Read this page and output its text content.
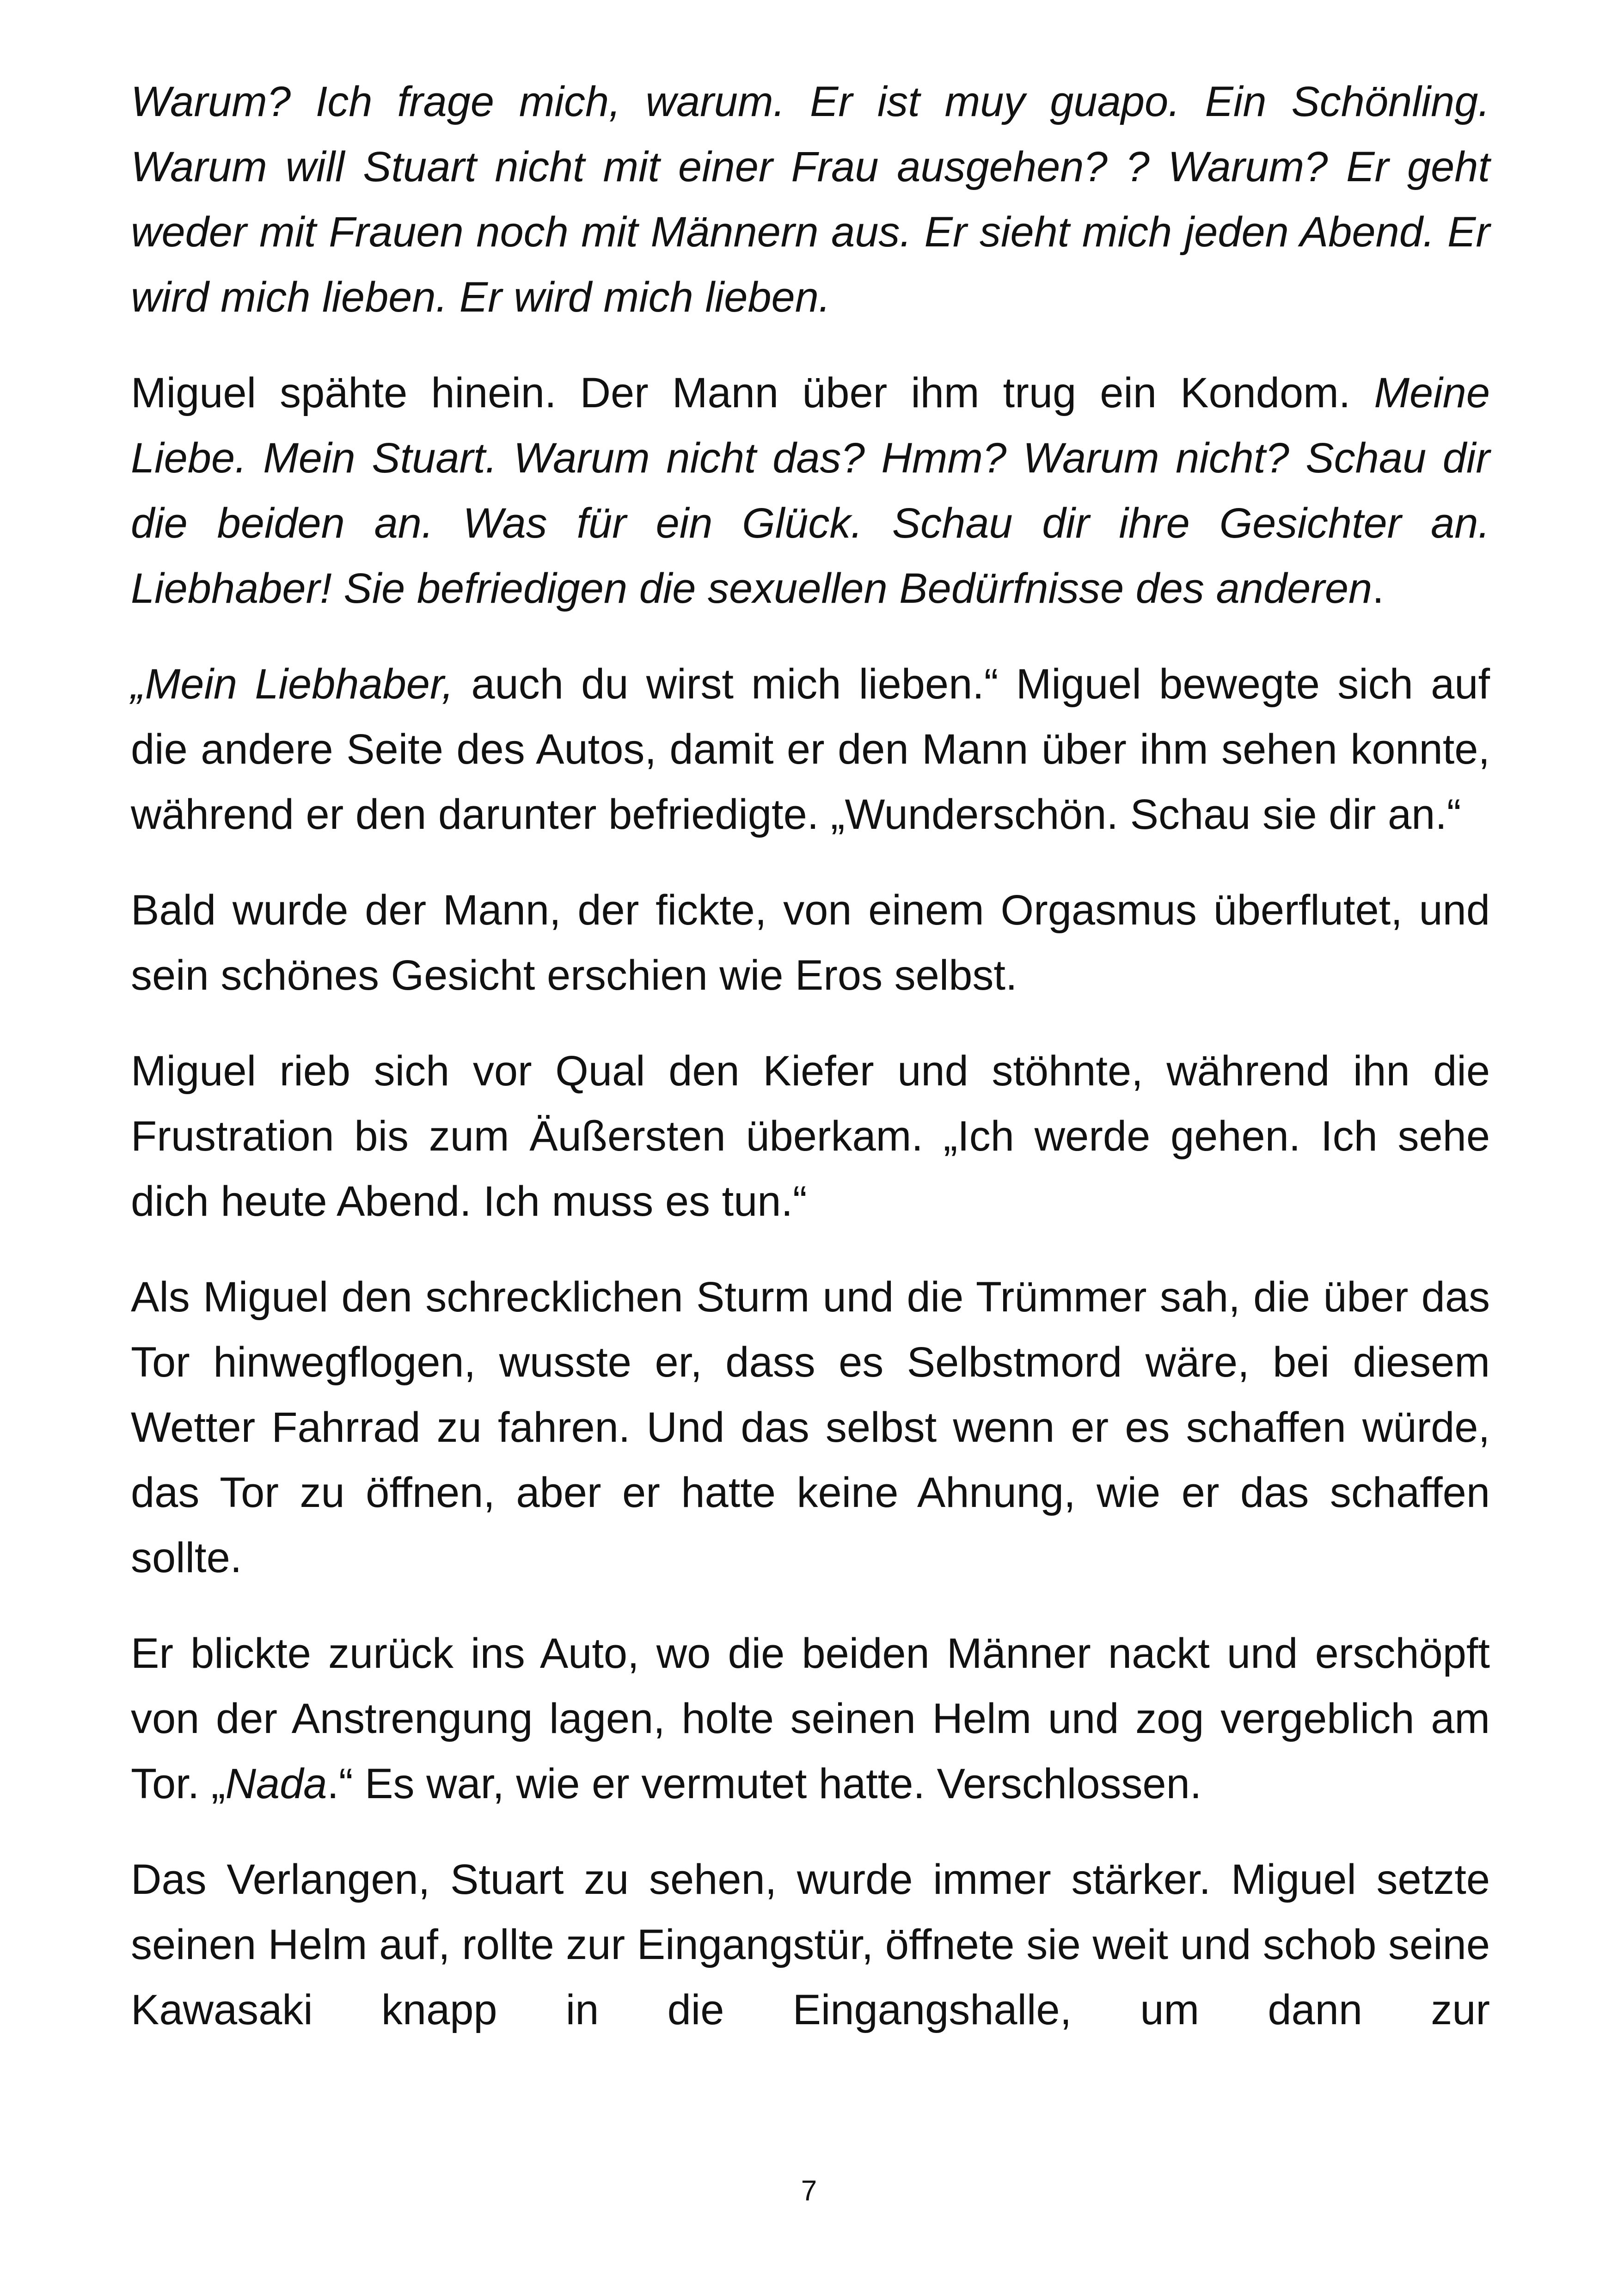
Warum? Ich frage mich, warum. Er ist muy guapo. Ein Schönling. Warum will Stuart nicht mit einer Frau ausgehen? ? Warum? Er geht weder mit Frauen noch mit Männern aus. Er sieht mich jeden Abend. Er wird mich lieben. Er wird mich lieben.

Miguel spähte hinein. Der Mann über ihm trug ein Kondom. Meine Liebe. Mein Stuart. Warum nicht das? Hmm? Warum nicht? Schau dir die beiden an. Was für ein Glück. Schau dir ihre Gesichter an. Liebhaber! Sie befriedigen die sexuellen Bedürfnisse des anderen.

„Mein Liebhaber, auch du wirst mich lieben.“ Miguel bewegte sich auf die andere Seite des Autos, damit er den Mann über ihm sehen konnte, während er den darunter befriedigte. „Wunderschön. Schau sie dir an.“

Bald wurde der Mann, der fickte, von einem Orgasmus überflutet, und sein schönes Gesicht erschien wie Eros selbst.

Miguel rieb sich vor Qual den Kiefer und stöhnte, während ihn die Frustration bis zum Äußersten überkam. „Ich werde gehen. Ich sehe dich heute Abend. Ich muss es tun.“

Als Miguel den schrecklichen Sturm und die Trümmer sah, die über das Tor hinwegflogen, wusste er, dass es Selbstmord wäre, bei diesem Wetter Fahrrad zu fahren. Und das selbst wenn er es schaffen würde, das Tor zu öffnen, aber er hatte keine Ahnung, wie er das schaffen sollte.

Er blickte zurück ins Auto, wo die beiden Männer nackt und erschöpft von der Anstrengung lagen, holte seinen Helm und zog vergeblich am Tor. „Nada.“ Es war, wie er vermutet hatte. Verschlossen.

Das Verlangen, Stuart zu sehen, wurde immer stärker. Miguel setzte seinen Helm auf, rollte zur Eingangstür, öffnete sie weit und schob seine Kawasaki knapp in die Eingangshalle, um dann zur

7
